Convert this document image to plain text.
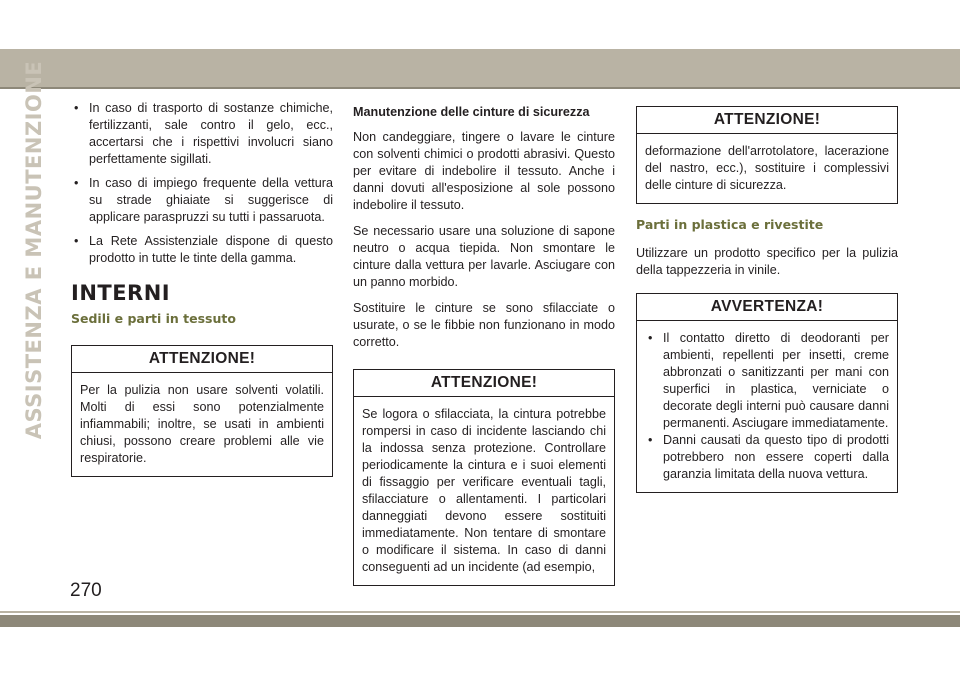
ASSISTENZA E MANUTENZIONE
270
• In caso di trasporto di sostanze chimiche, fertilizzanti, sale contro il gelo, ecc., accertarsi che i rispettivi involucri siano perfettamente sigillati.
• In caso di impiego frequente della vettura su strade ghiaiate si suggerisce di applicare paraspruzzi su tutti i passaruota.
• La Rete Assistenziale dispone di questo prodotto in tutte le tinte della gamma.
INTERNI
Sedili e parti in tessuto
ATTENZIONE!
Per la pulizia non usare solventi volatili. Molti di essi sono potenzialmente infiammabili; inoltre, se usati in ambienti chiusi, possono creare problemi alle vie respiratorie.
Manutenzione delle cinture di sicurezza

Non candeggiare, tingere o lavare le cinture con solventi chimici o prodotti abrasivi. Questo per evitare di indebolire il tessuto. Anche i danni dovuti all'esposizione al sole possono indebolire il tessuto.

Se necessario usare una soluzione di sapone neutro o acqua tiepida. Non smontare le cinture dalla vettura per lavarle. Asciugare con un panno morbido.

Sostituire le cinture se sono sfilacciate o usurate, o se le fibbie non funzionano in modo corretto.

ATTENZIONE!
Se logora o sfilacciata, la cintura potrebbe rompersi in caso di incidente lasciando chi la indossa senza protezione. Controllare periodicamente la cintura e i suoi elementi di fissaggio per verificare eventuali tagli, sfilacciature o allentamenti. I particolari danneggiati devono essere sostituiti immediatamente. Non tentare di smontare o modificare il sistema. In caso di danni conseguenti ad un incidente (ad esempio,
ATTENZIONE!
deformazione dell'arrotolatore, lacerazione del nastro, ecc.), sostituire i complessivi delle cinture di sicurezza.
Parti in plastica e rivestite

Utilizzare un prodotto specifico per la pulizia della tappezzeria in vinile.

AVVERTENZA!
• Il contatto diretto di deodoranti per ambienti, repellenti per insetti, creme abbronzati o sanitizzanti per mani con superfici in plastica, verniciate o decorate degli interni può causare danni permanenti. Asciugare immediatamente.
• Danni causati da questo tipo di prodotti potrebbero non essere coperti dalla garanzia limitata della nuova vettura.
